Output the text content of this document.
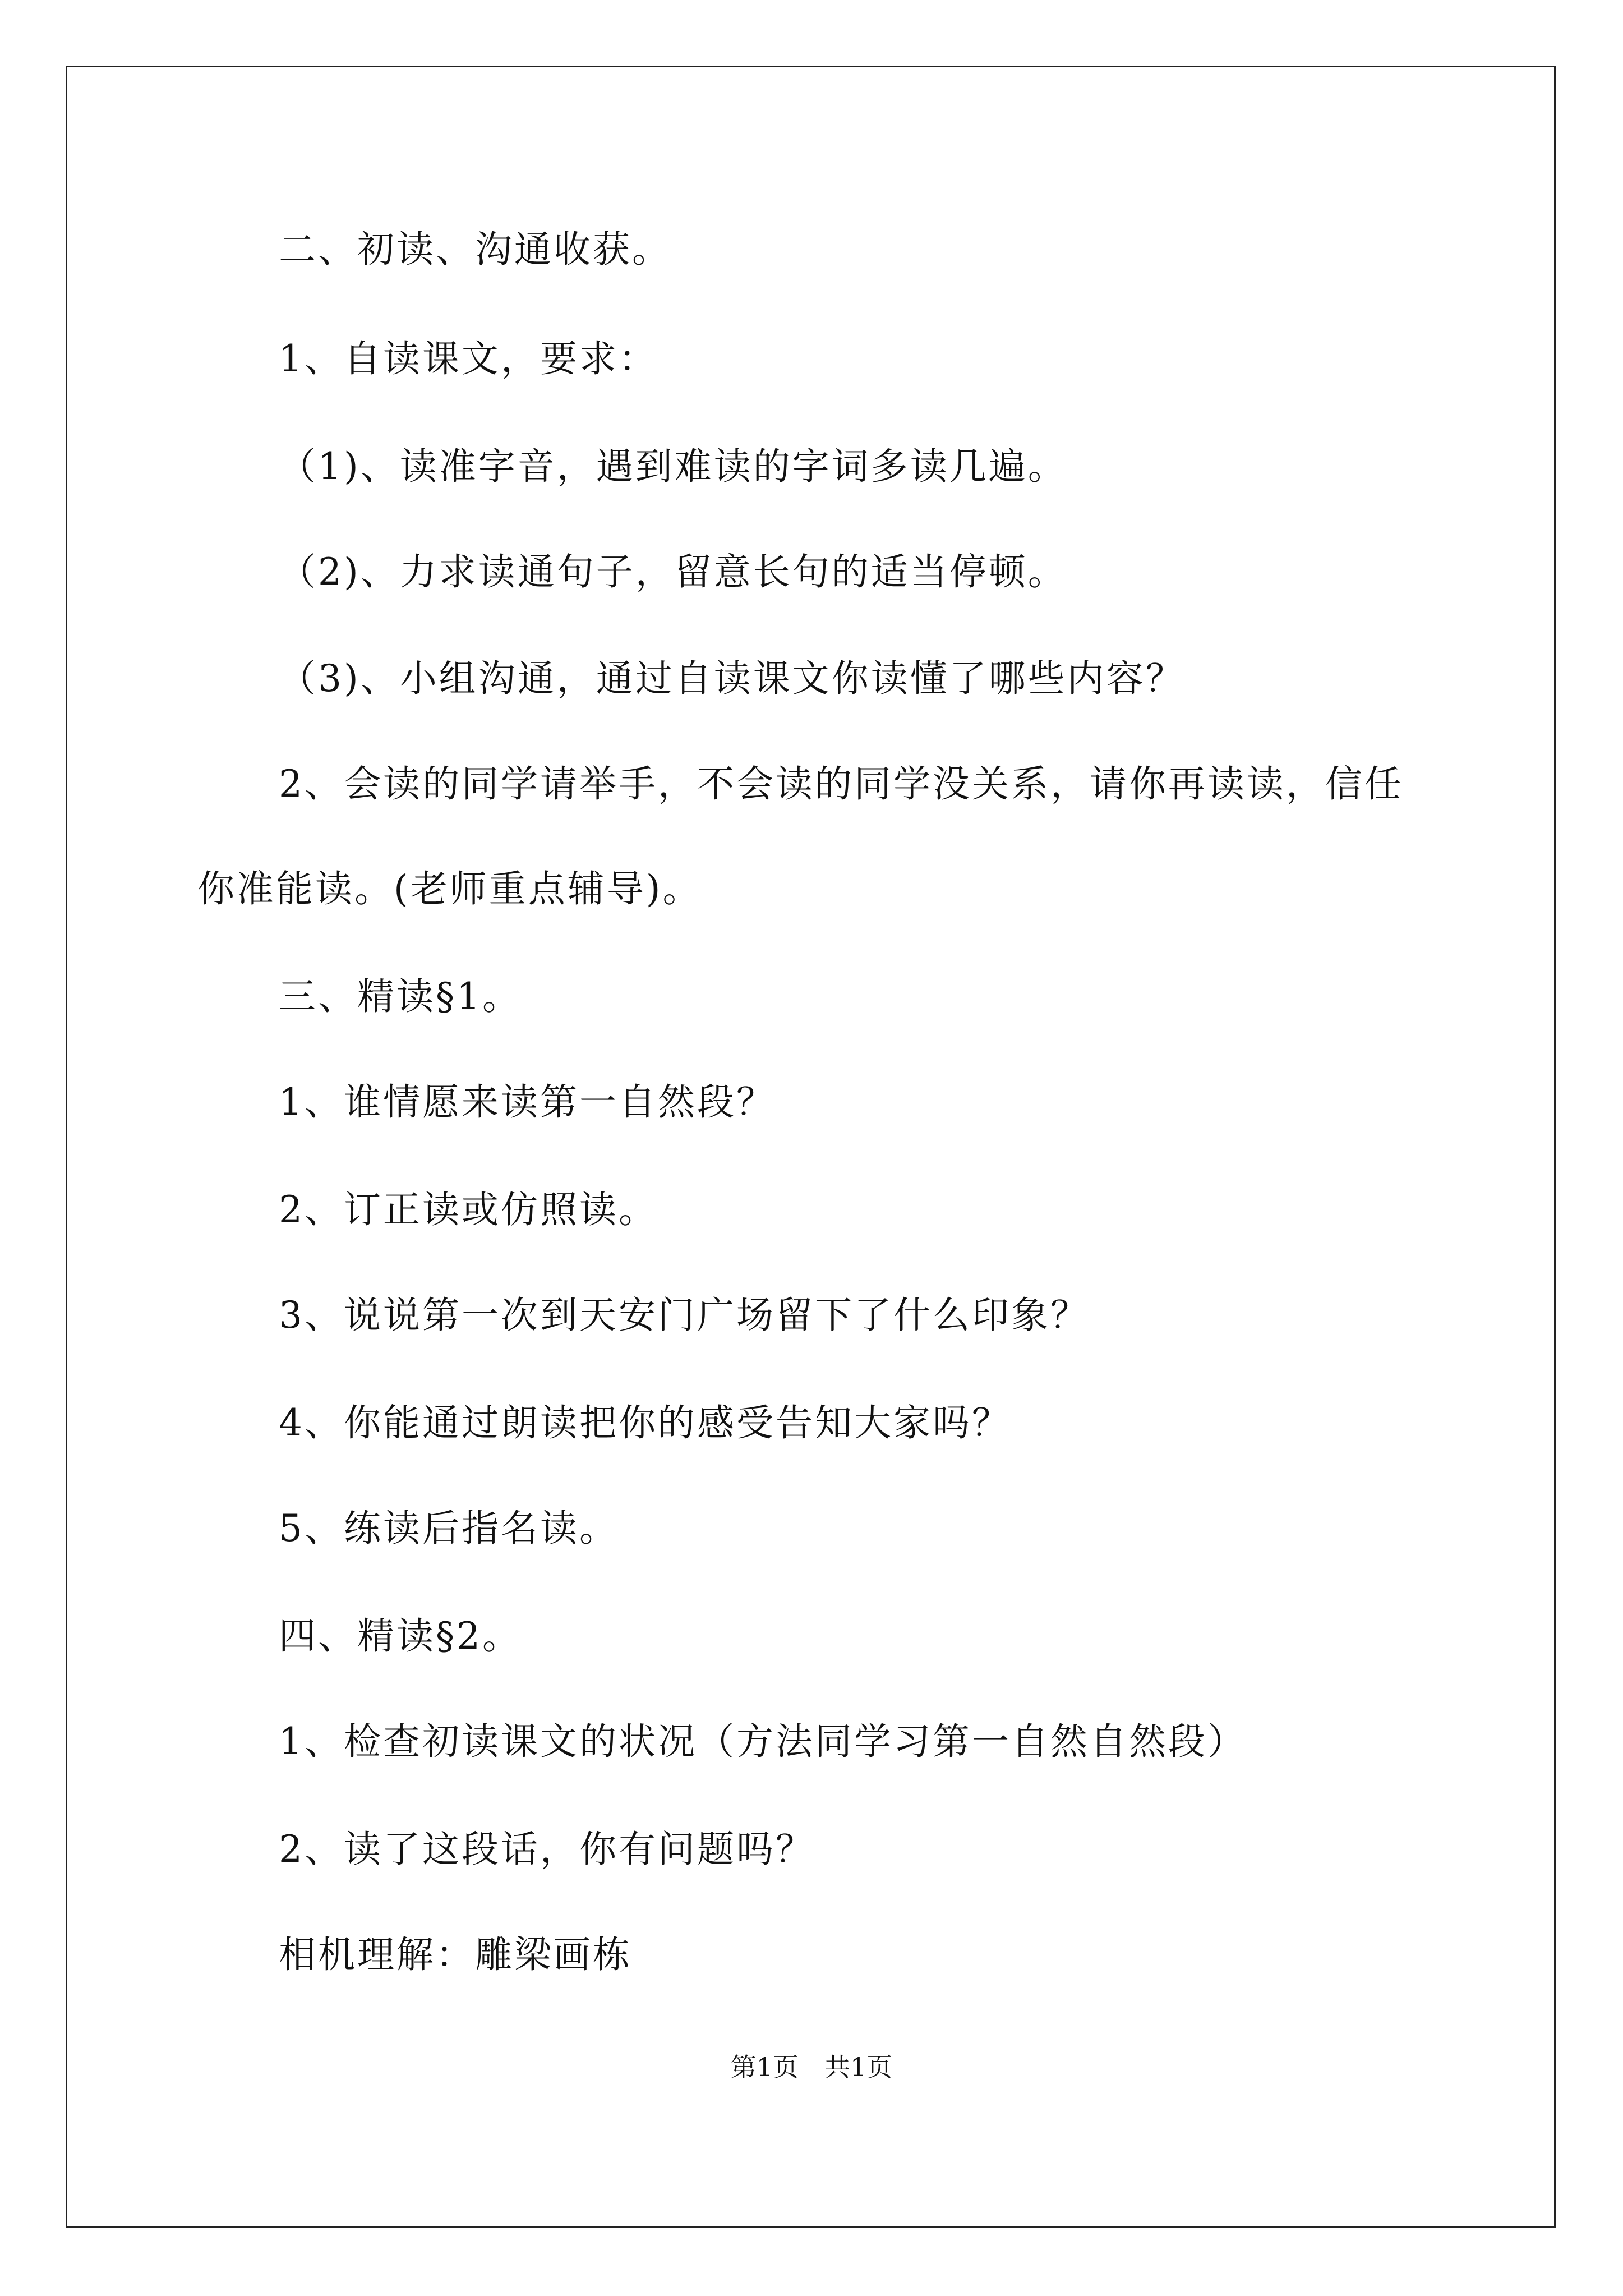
二、初读、沟通收获。
1、自读课文，要求：
（1)、读准字音，遇到难读的字词多读几遍。
（2)、力求读通句子，留意长句的适当停顿。
（3)、小组沟通，通过自读课文你读懂了哪些内容？
2、会读的同学请举手，不会读的同学没关系，请你再读读，信任
你准能读。(老师重点辅导)。
三、精读§1。
1、谁情愿来读第一自然段？
2、订正读或仿照读。
3、说说第一次到天安门广场留下了什么印象？
4、你能通过朗读把你的感受告知大家吗？
5、练读后指名读。
四、精读§2。
1、检查初读课文的状况（方法同学习第一自然自然段）
2、读了这段话，你有问题吗？
相机理解：雕梁画栋
第1页　共1页
